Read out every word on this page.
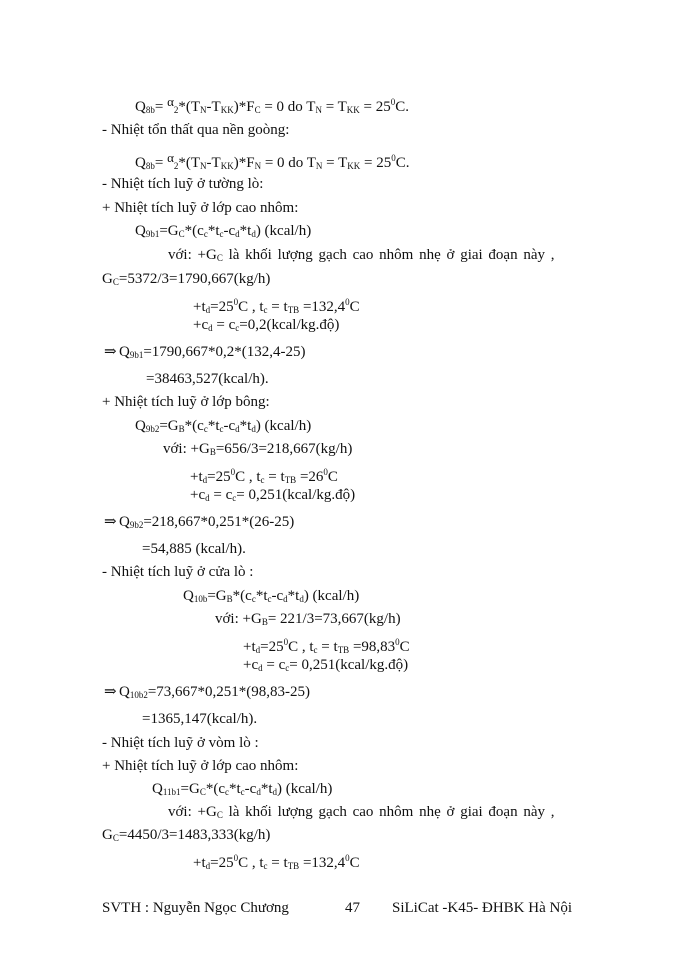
$Q_{8b}= \alpha_2*(T_N-T_{KK})*F_C = 0$ do $T_N = T_{KK} = 25^0C$.
- Nhiệt tổn thất qua nền goòng:
$Q_{8b}= \alpha_2*(T_N-T_{KK})*F_N = 0$ do $T_N = T_{KK} = 25^0C$.
- Nhiệt tích luỹ ở tường lò:
+ Nhiệt tích luỹ ở lớp cao nhôm:
$Q_{9b1}=G_C*(c_c*t_c-c_d*t_d)$ (kcal/h)
với: $+G_C$ là khối lượng gạch cao nhôm nhẹ ở giai đoạn này ,
$G_C=5372/3=1790,667(kg/h)$
$+t_d=25^0C$ , $t_c = t_{TB} =132,4^0C$
$+c_d$ = $c_c=0,2(kcal/kg.độ)$
⇒ $Q_{9b1}=1790,667*0,2*(132,4-25)$
=38463,527(kcal/h).
+ Nhiệt tích luỹ ở lớp bông:
$Q_{9b2}=G_B*(c_c*t_c-c_d*t_d)$ (kcal/h)
với: $+G_B=656/3=218,667(kg/h)$
$+t_d=25^0C$ , $t_c = t_{TB} =26^0C$
$+c_d = c_c=$ 0,251(kcal/kg.độ)
⇒ $Q_{9b2}=218,667*0,251*(26-25)$
=54,885 (kcal/h).
- Nhiệt tích luỹ ở cửa lò :
$Q_{10b}=G_B*(c_c*t_c-c_d*t_d)$ (kcal/h)
với: $+G_B= 221/3=73,667(kg/h)$
$+t_d=25^0C$ , $t_c = t_{TB} =98,83^0C$
$+c_d = c_c=$ 0,251(kcal/kg.độ)
⇒ $Q_{10b2}=73,667*0,251*(98,83-25)$
=1365,147(kcal/h).
- Nhiệt tích luỹ ở vòm lò :
+ Nhiệt tích luỹ ở lớp cao nhôm:
$Q_{11b1}=G_C*(c_c*t_c-c_d*t_d)$ (kcal/h)
với: $+G_C$ là khối lượng gạch cao nhôm nhẹ ở giai đoạn này ,
$G_C=4450/3=1483,333(kg/h)$
$+t_d=25^0C$ , $t_c = t_{TB} =132,4^0C$
SVTH : Nguyễn Ngọc Chương	47 SiLiCat -K45- ĐHBK Hà Nội
